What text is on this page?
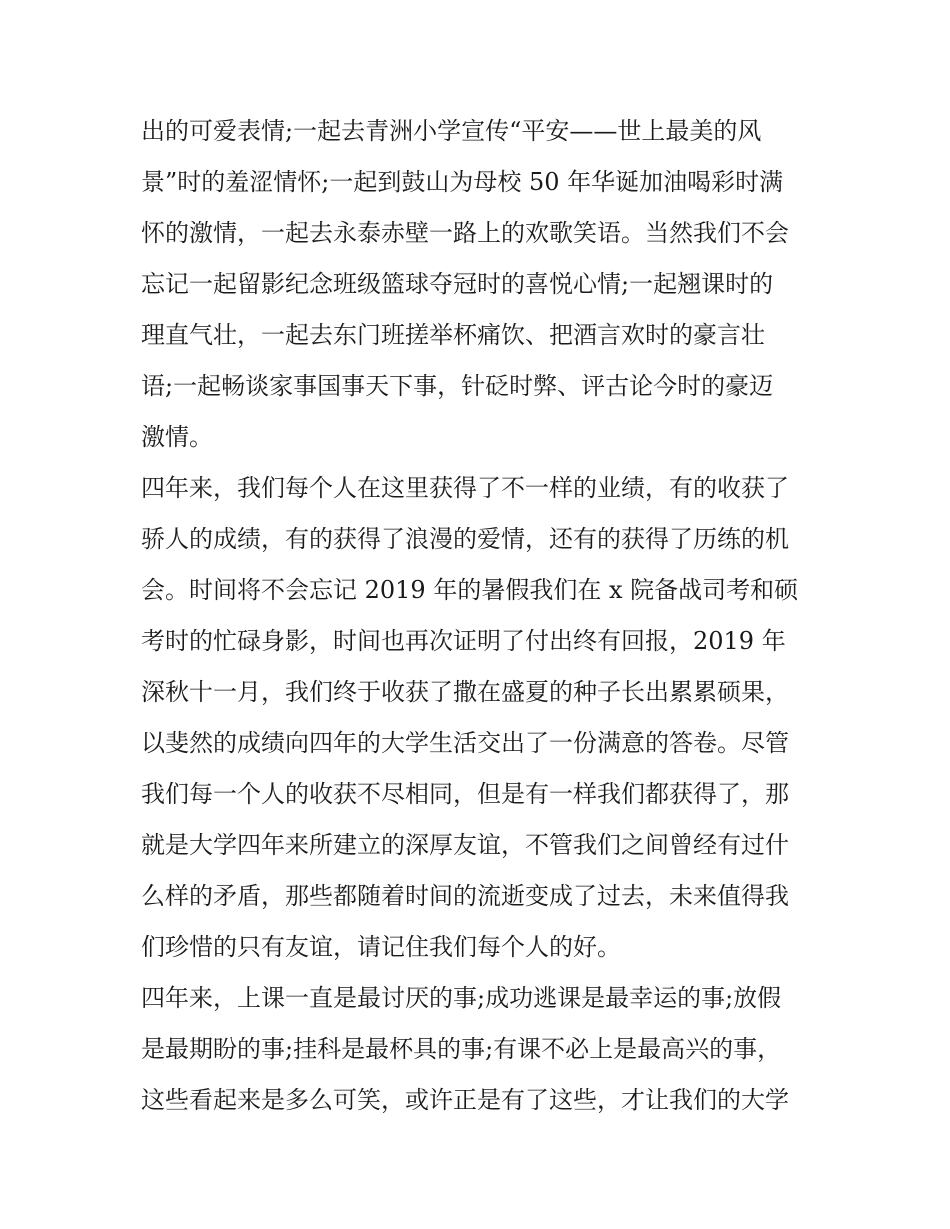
出的可爱表情;一起去青洲小学宣传“平安——世上最美的风
景”时的羞涩情怀;一起到鼓山为母校 50 年华诞加油喝彩时满
怀的激情，一起去永泰赤壁一路上的欢歌笑语。当然我们不会
忘记一起留影纪念班级篮球夺冠时的喜悦心情;一起翘课时的
理直气壮，一起去东门班搓举杯痛饮、把酒言欢时的豪言壮
语;一起畅谈家事国事天下事，针砭时弊、评古论今时的豪迈
激情。
四年来，我们每个人在这里获得了不一样的业绩，有的收获了
骄人的成绩，有的获得了浪漫的爱情，还有的获得了历练的机
会。时间将不会忘记 2019 年的暑假我们在 x 院备战司考和硕
考时的忙碌身影，时间也再次证明了付出终有回报，2019 年
深秋十一月，我们终于收获了撒在盛夏的种子长出累累硕果，
以斐然的成绩向四年的大学生活交出了一份满意的答卷。尽管
我们每一个人的收获不尽相同，但是有一样我们都获得了，那
就是大学四年来所建立的深厚友谊，不管我们之间曾经有过什
么样的矛盾，那些都随着时间的流逝变成了过去，未来值得我
们珍惜的只有友谊，请记住我们每个人的好。
四年来，上课一直是最讨厌的事;成功逃课是最幸运的事;放假
是最期盼的事;挂科是最杯具的事;有课不必上是最高兴的事，
这些看起来是多么可笑，或许正是有了这些，才让我们的大学
